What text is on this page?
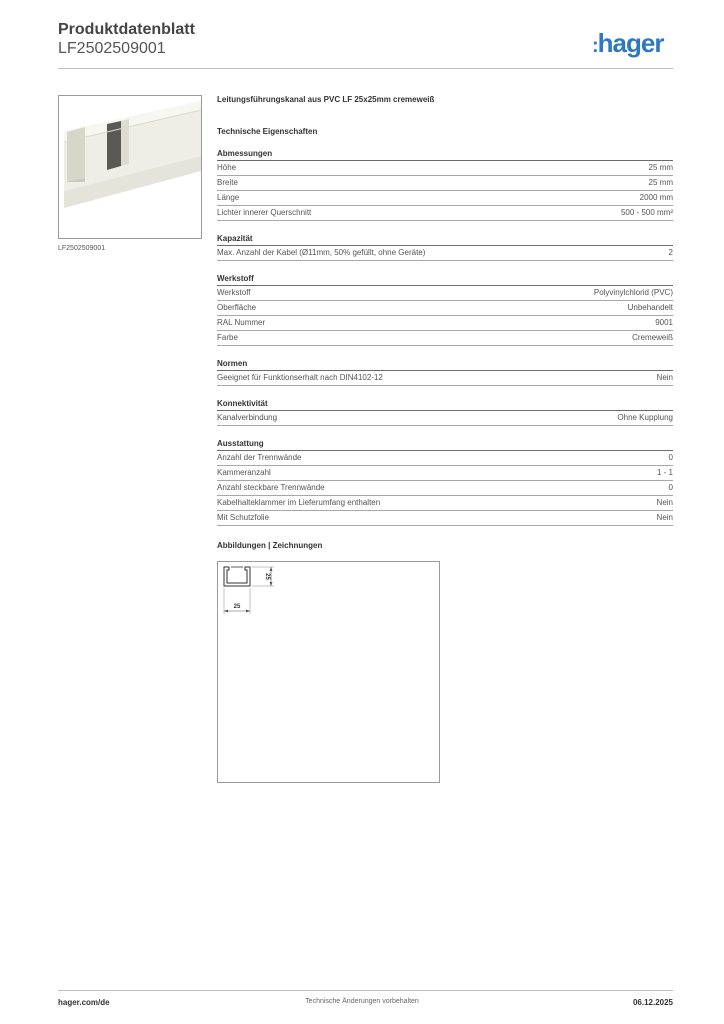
Produktdatenblatt
LF2502509001	:hager
LF2502509001
Leitungsführungskanal aus PVC LF 25x25mm cremeweiß
Technische Eigenschaften
Abmessungen
Höhe	25 mm
Breite	25 mm
Länge	2000 mm
Lichter innerer Querschnitt	500 - 500 mm²
Kapazität
Max. Anzahl der Kabel (Ø11mm, 50% gefüllt, ohne Geräte)	2
Werkstoff
Werkstoff	Polyvinylchlorid (PVC)
Oberfläche	Unbehandelt
RAL Nummer	9001
Farbe	Cremeweiß
Normen
Geeignet für Funktionserhalt nach DIN4102-12	Nein
Konnektivität
Kanalverbindung	Ohne Kupplung
Ausstattung
Anzahl der Trennwände	0
Kammeranzahl	1 - 1
Anzahl steckbare Trennwände	0
Kabelhalteklammer im Lieferumfang enthalten	Nein
Mit Schutzfolie	Nein
Abbildungen | Zeichnungen
25
25
hager.com/de	Technische Änderungen vorbehalten	06.12.2025
